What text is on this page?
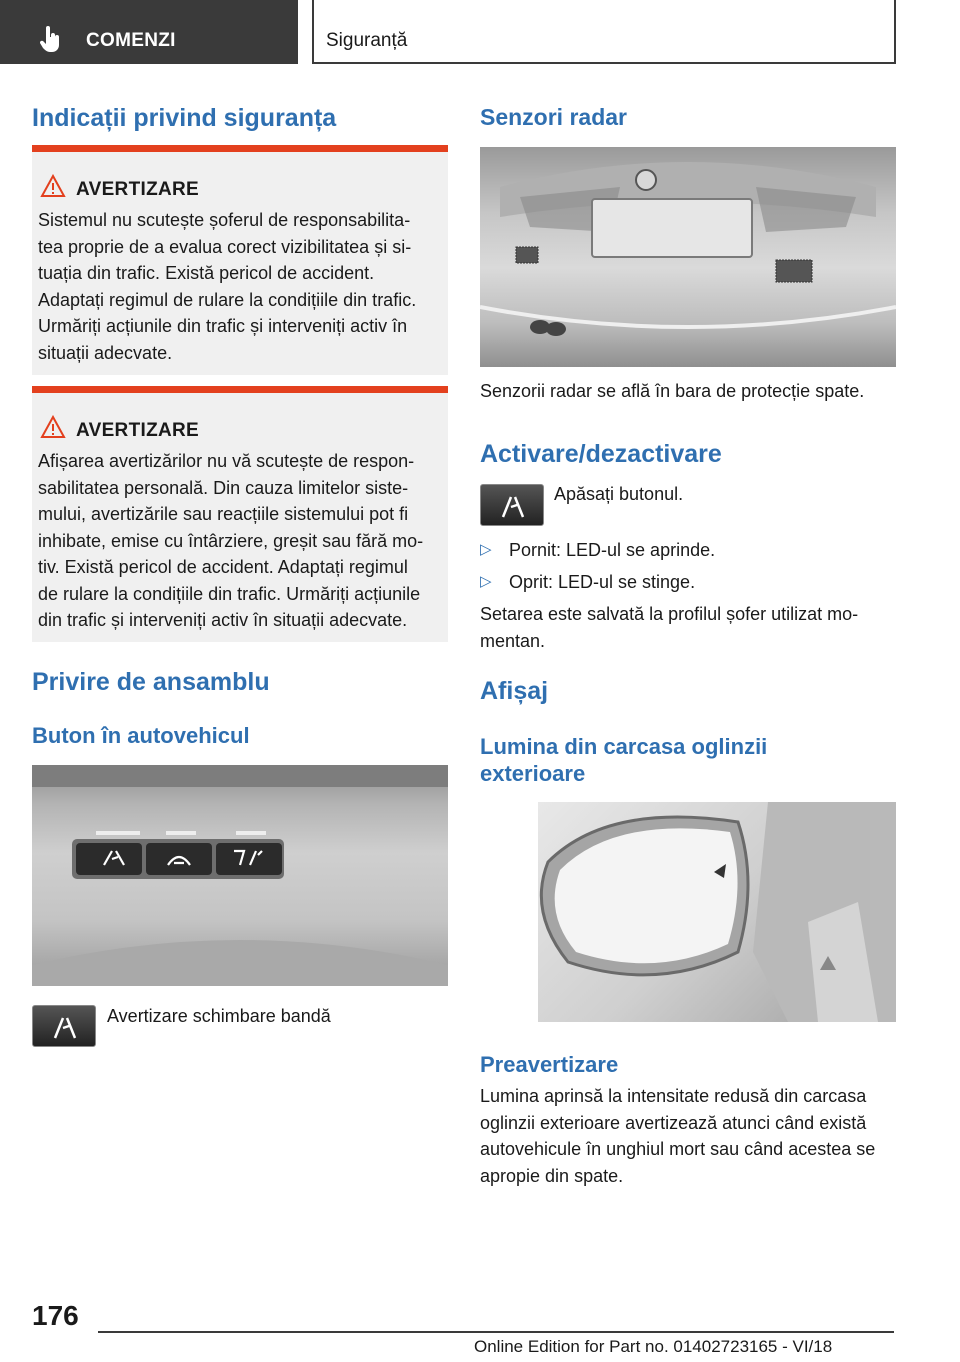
COMENZI	Siguranță
Indicații privind siguranța
AVERTIZARE
Sistemul nu scutește șoferul de responsabilita-
tea proprie de a evalua corect vizibilitatea și si-
tuația din trafic. Există pericol de accident.
Adaptați regimul de rulare la condițiile din trafic.
Urmăriți acțiunile din trafic și interveniți activ în
situații adecvate.
AVERTIZARE
Afișarea avertizărilor nu vă scutește de respon-
sabilitatea personală. Din cauza limitelor siste-
mului, avertizările sau reacțiile sistemului pot fi
inhibate, emise cu întârziere, greșit sau fără mo-
tiv. Există pericol de accident. Adaptați regimul
de rulare la condițiile din trafic. Urmăriți acțiunile
din trafic și interveniți activ în situații adecvate.
Privire de ansamblu
Buton în autovehicul
Avertizare schimbare bandă
Senzori radar
Senzorii radar se află în bara de protecție spate.
Activare/dezactivare
Apăsați butonul.
▷ Pornit: LED-ul se aprinde.
▷ Oprit: LED-ul se stinge.
Setarea este salvată la profilul șofer utilizat mo-
mentan.
Afișaj
Lumina din carcasa oglinzii
exterioare
Preavertizare
Lumina aprinsă la intensitate redusă din carcasa
oglinzii exterioare avertizează atunci când există
autovehicule în unghiul mort sau când acestea se
apropie din spate.
176
Online Edition for Part no. 01402723165 - VI/18
